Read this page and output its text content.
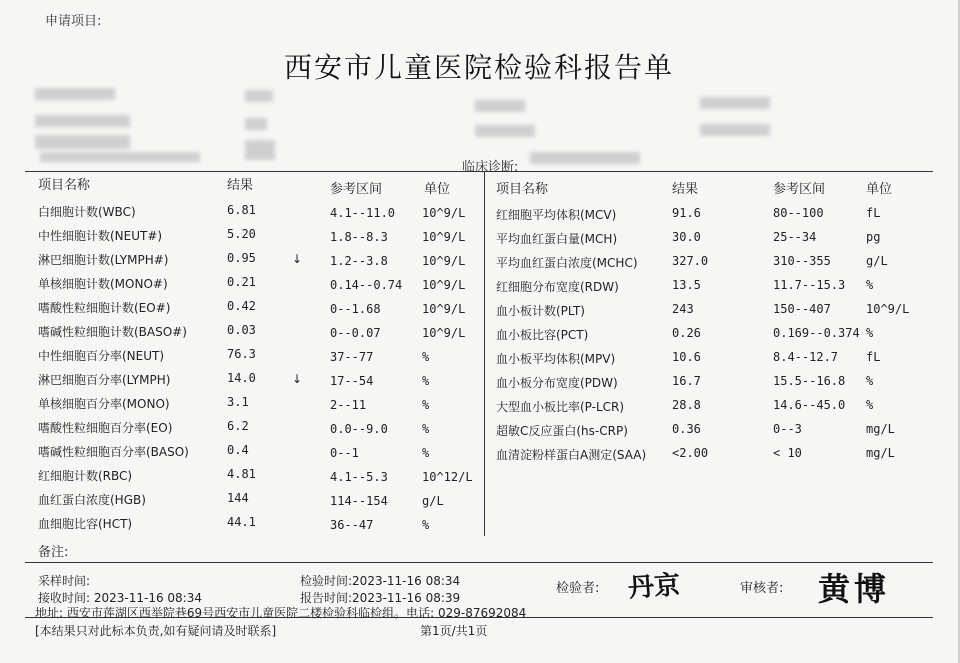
申请项目:
西安市儿童医院检验科报告单
临床诊断:
项目名称	结果	参考区间	单位	项目名称	结果	参考区间	单位
白细胞计数(WBC)	6.81	4.1--11.0 10^9/L
中性细胞计数(NEUT#)	5.20	1.8--8.3	10^9/L
淋巴细胞计数(LYMPH#)	0.95	↓ 1.2--3.8	10^9/L
单核细胞计数(MONO#)	0.21	0.14--0.74 10^9/L
嗜酸性粒细胞计数(EO#)	0.42	0--1.68	10^9/L
嗜碱性粒细胞计数(BASO#)	0.03	0--0.07	10^9/L
中性细胞百分率(NEUT)	76.3	37--77	%
淋巴细胞百分率(LYMPH)	14.0	↓ 17--54	%
单核细胞百分率(MONO)	3.1	2--11	%
嗜酸性粒细胞百分率(EO)	6.2	0.0--9.0	%
嗜碱性粒细胞百分率(BASO)	0.4	0--1	%
红细胞计数(RBC)	4.81	4.1--5.3	10^12/L
血红蛋白浓度(HGB)	144	114--154	g/L
血细胞比容(HCT)	44.1	36--47	%
红细胞平均体积(MCV)	91.6	80--100	fL
平均血红蛋白量(MCH)	30.0	25--34	pg
平均血红蛋白浓度(MCHC)	327.0	310--355	g/L
红细胞分布宽度(RDW)	13.5	11.7--15.3 %
血小板计数(PLT)	243	150--407	10^9/L
血小板比容(PCT)	0.26	0.169--0.374 %
血小板平均体积(MPV)	10.6	8.4--12.7 fL
血小板分布宽度(PDW)	16.7	15.5--16.8 %
大型血小板比率(P-LCR)	28.8	14.6--45.0 %
超敏C反应蛋白(hs-CRP)	0.36	0--3	mg/L
血清淀粉样蛋白A测定(SAA) <2.00	< 10	mg/L
备注:
采样时间:
接收时间: 2023-11-16 08:34
检验时间:2023-11-16 08:34
报告时间:2023-11-16 08:39
检验者: 丹京	审核者: 黄博
地址: 西安市莲湖区西举院巷69号西安市儿童医院二楼检验科临检组。电话: 029-87692084
[本结果只对此标本负责,如有疑问请及时联系]	第1页/共1页
